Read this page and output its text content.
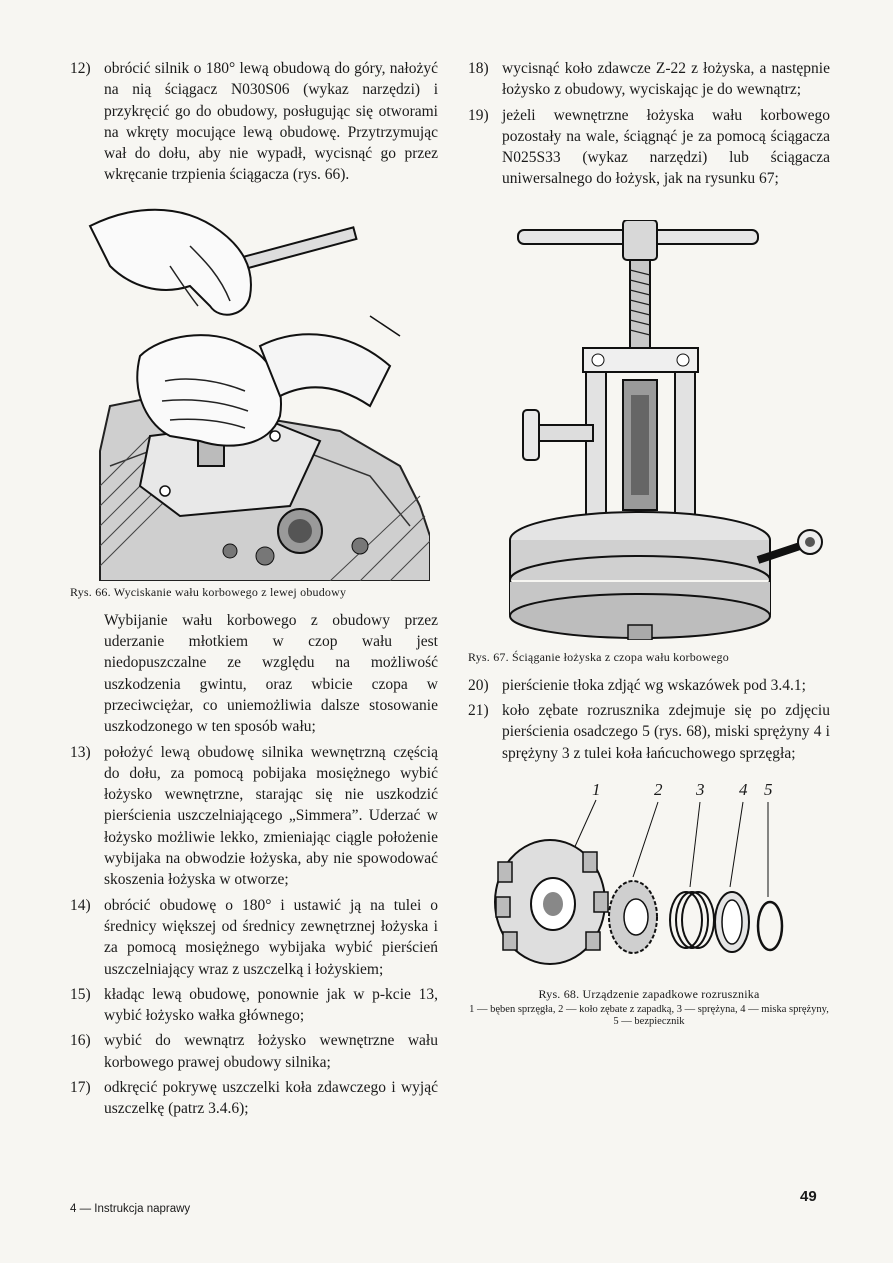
12) obrócić silnik o 180° lewą obudową do góry, nałożyć na nią ściągacz N030S06 (wykaz narzędzi) i przykręcić go do obudowy, posługując się otworami na wkręty mocujące lewą obudowę. Przytrzymując wał do dołu, aby nie wypadł, wycisnąć go przez wkręcanie trzpienia ściągacza (rys. 66).

Rys. 66. Wyciskanie wału korbowego z lewej obudowy

Wybijanie wału korbowego z obudowy przez uderzanie młotkiem w czop wału jest niedopuszczalne ze względu na możliwość uszkodzenia gwintu, oraz wbicie czopa w przeciwciężar, co uniemożliwia dalsze stosowanie uszkodzonego w ten sposób wału;

13) położyć lewą obudowę silnika wewnętrzną częścią do dołu, za pomocą pobijaka mosiężnego wybić łożysko wewnętrzne, starając się nie uszkodzić pierścienia uszczelniającego „Simmera”. Uderzać w łożysko możliwie lekko, zmieniając ciągle położenie wybijaka na obwodzie łożyska, aby nie spowodować skoszenia łożyska w otworze;
14) obrócić obudowę o 180° i ustawić ją na tulei o średnicy większej od średnicy zewnętrznej łożyska i za pomocą mosiężnego wybijaka wybić pierścień uszczelniający wraz z uszczelką i łożyskiem;
15) kładąc lewą obudowę, ponownie jak w p-kcie 13, wybić łożysko wałka głównego;
16) wybić do wewnątrz łożysko wewnętrzne wału korbowego prawej obudowy silnika;
17) odkręcić pokrywę uszczelki koła zdawczego i wyjąć uszczelkę (patrz 3.4.6);
18) wycisnąć koło zdawcze Z-22 z łożyska, a następnie łożysko z obudowy, wyciskając je do wewnątrz;
19) jeżeli wewnętrzne łożyska wału korbowego pozostały na wale, ściągnąć je za pomocą ściągacza N025S33 (wykaz narzędzi) lub ściągacza uniwersalnego do łożysk, jak na rysunku 67;

Rys. 67. Ściąganie łożyska z czopa wału korbowego

20) pierścienie tłoka zdjąć wg wskazówek pod 3.4.1;
21) koło zębate rozrusznika zdejmuje się po zdjęciu pierścienia osadczego 5 (rys. 68), miski sprężyny 4 i sprężyny 3 z tulei koła łańcuchowego sprzęgła;
1	2 3 4 5

Rys. 68. Urządzenie zapadkowe rozrusznika

1 — bęben sprzęgła, 2 — koło zębate z zapadką, 3 — sprężyna, 4 — miska sprężyny, 5 — bezpiecznik

4 — Instrukcja naprawy
49
